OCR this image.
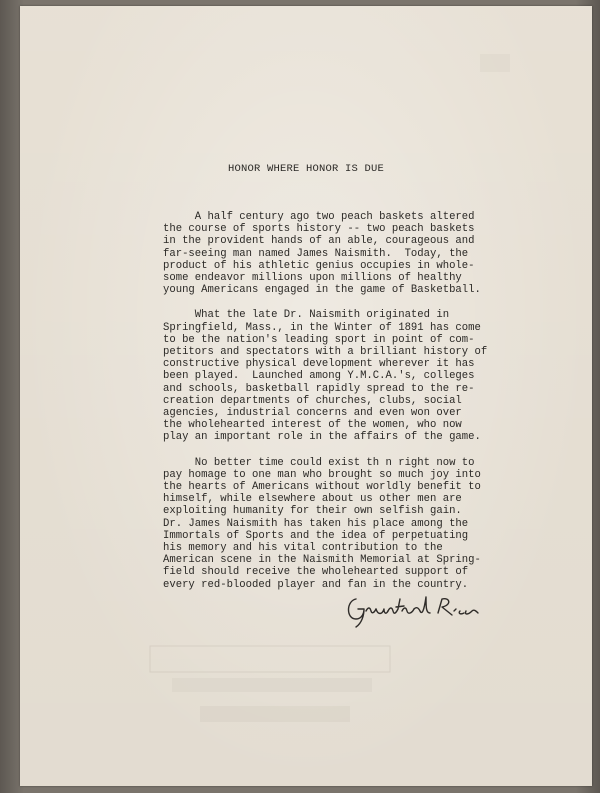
HONOR WHERE HONOR IS DUE

A half century ago two peach baskets altered
the course of sports history -- two peach baskets
in the provident hands of an able, courageous and
far-seeing man named James Naismith.  Today, the
product of his athletic genius occupies in whole-
some endeavor millions upon millions of healthy
young Americans engaged in the game of Basketball.

What the late Dr. Naismith originated in
Springfield, Mass., in the Winter of 1891 has come
to be the nation's leading sport in point of com-
petitors and spectators with a brilliant history of
constructive physical development wherever it has
been played.  Launched among Y.M.C.A.'s, colleges
and schools, basketball rapidly spread to the re-
creation departments of churches, clubs, social
agencies, industrial concerns and even won over
the wholehearted interest of the women, who now
play an important role in the affairs of the game.

No better time could exist th n right now to
pay homage to one man who brought so much joy into
the hearts of Americans without worldly benefit to
himself, while elsewhere about us other men are
exploiting humanity for their own selfish gain.
Dr. James Naismith has taken his place among the
Immortals of Sports and the idea of perpetuating
his memory and his vital contribution to the
American scene in the Naismith Memorial at Spring-
field should receive the wholehearted support of
every red-blooded player and fan in the country.
